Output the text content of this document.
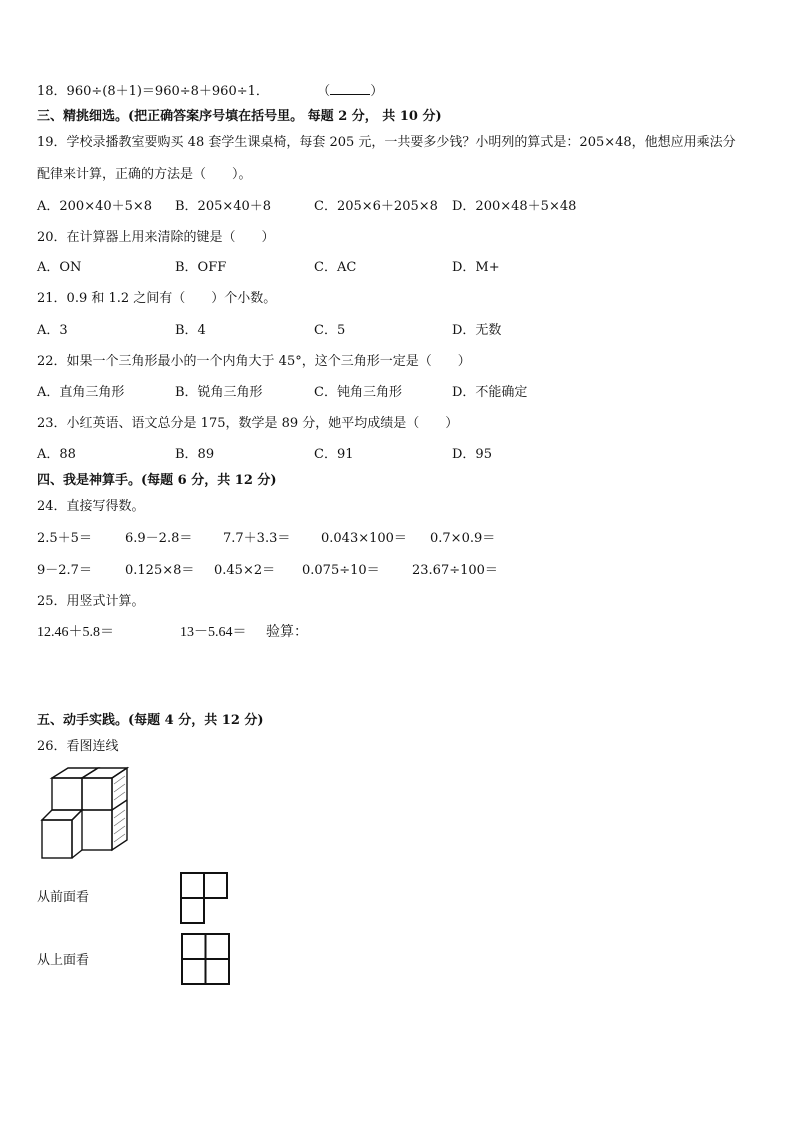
18．960÷(8＋1)＝960÷8＋960÷1．	（	）
三、精挑细选。(把正确答案序号填在括号里。 每题 2 分， 共 10 分)
19．学校录播教室要购买 48 套学生课桌椅，每套 205 元，一共要多少钱？小明列的算式是：205×48，他想应用乘法分
配律来计算，正确的方法是（　　）。
A．200×40＋5×8 B．205×40＋8	C．205×6＋205×8 D．200×48＋5×48
20．在计算器上用来清除的键是（　　）
A．ON	B．OFF	C．AC	D．M+
21．0.9 和 1.2 之间有（　　）个小数。
A．3	B．4	C．5	D．无数
22．如果一个三角形最小的一个内角大于 45°，这个三角形一定是（　　）
A．直角三角形	B．锐角三角形	C．钝角三角形	D．不能确定
23．小红英语、语文总分是 175，数学是 89 分，她平均成绩是（　　）
A．88	B．89	C．91	D．95
四、我是神算手。(每题 6 分，共 12 分)
24．直接写得数。
2.5＋5＝	6.9－2.8＝ 7.7＋3.3＝ 0.043×100＝ 0.7×0.9＝
9－2.7＝	0.125×8＝ 0.45×2＝ 0.075÷10＝ 23.67÷100＝
25．用竖式计算。
12.46＋5.8＝	13－5.64＝ 验算：
五、动手实践。(每题 4 分，共 12 分)
26．看图连线
从前面看
从上面看
